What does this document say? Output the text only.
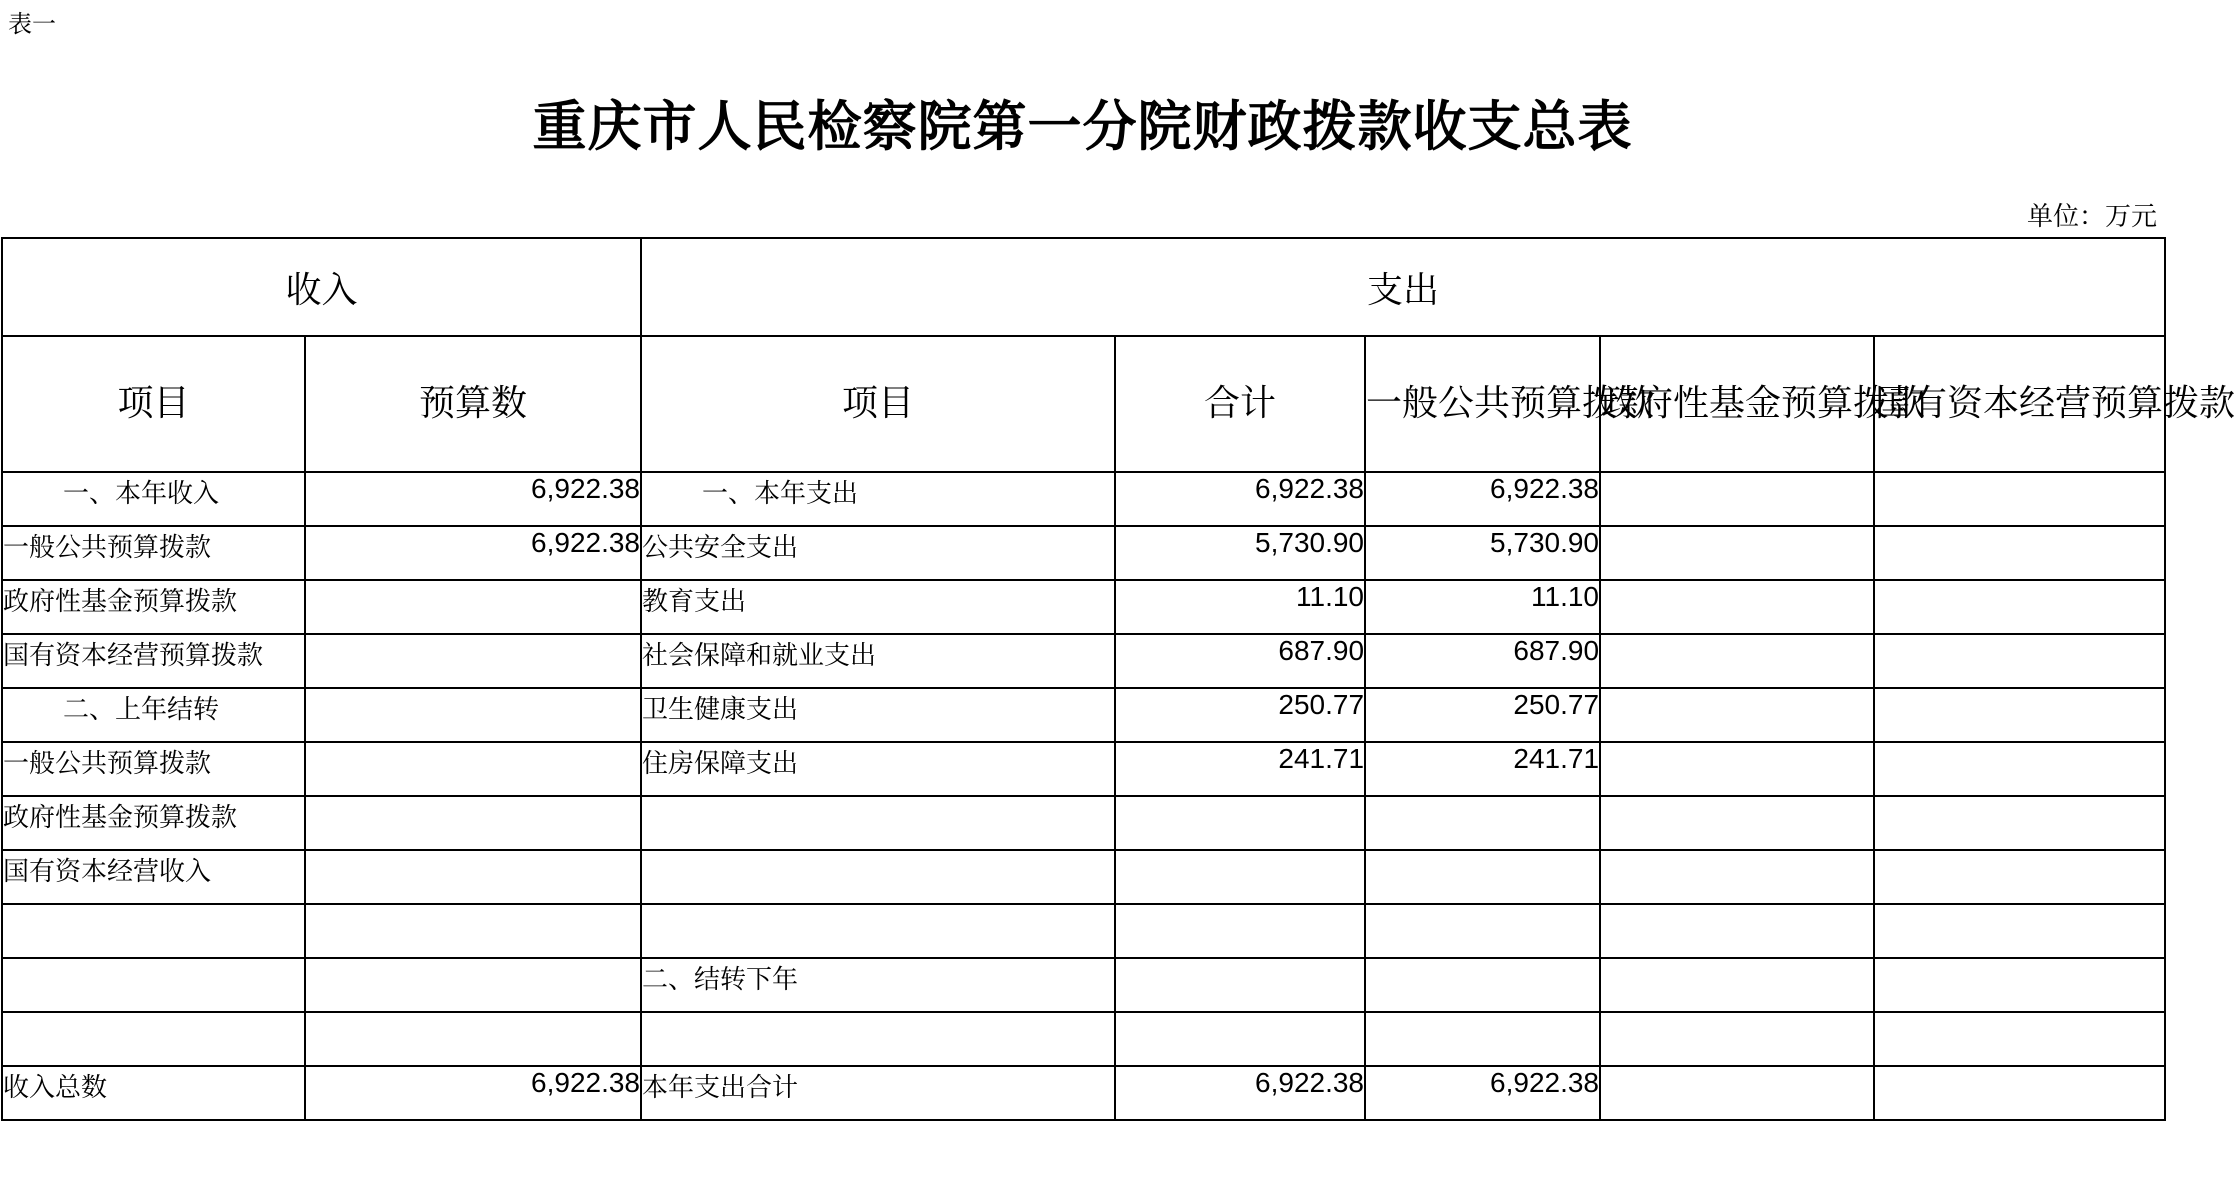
表一
重庆市人民检察院第一分院财政拨款收支总表
单位：万元
收入		支出				
项目	预算数	项目	合计	一般公共预算拨款	政府性基金预算拨款	国有资本经营预算拨款
一、本年收入	6,922.38	一、本年支出	6,922.38	6,922.38		
一般公共预算拨款	6,922.38	公共安全支出	5,730.90	5,730.90		
政府性基金预算拨款		教育支出	11.10	11.10		
国有资本经营预算拨款		社会保障和就业支出	687.90	687.90		
二、上年结转		卫生健康支出	250.77	250.77		
一般公共预算拨款		住房保障支出	241.71	241.71		
政府性基金预算拨款						
国有资本经营收入						

		二、结转下年				

收入总数	6,922.38	本年支出合计	6,922.38	6,922.38		
